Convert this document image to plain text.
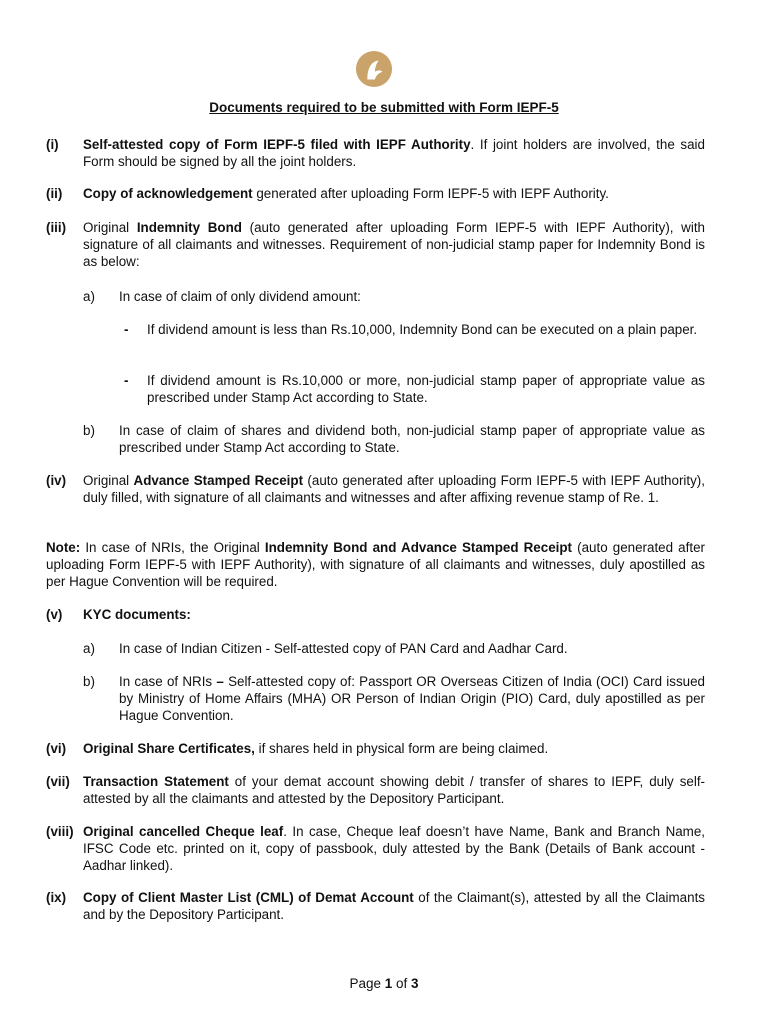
Documents required to be submitted with Form IEPF-5
(i) Self-attested copy of Form IEPF-5 filed with IEPF Authority. If joint holders are involved, the said Form should be signed by all the joint holders.
(ii) Copy of acknowledgement generated after uploading Form IEPF-5 with IEPF Authority.
(iii) Original Indemnity Bond (auto generated after uploading Form IEPF-5 with IEPF Authority), with signature of all claimants and witnesses. Requirement of non-judicial stamp paper for Indemnity Bond is as below:
a) In case of claim of only dividend amount:
- If dividend amount is less than Rs.10,000, Indemnity Bond can be executed on a plain paper.
- If dividend amount is Rs.10,000 or more, non-judicial stamp paper of appropriate value as prescribed under Stamp Act according to State.
b) In case of claim of shares and dividend both, non-judicial stamp paper of appropriate value as prescribed under Stamp Act according to State.
(iv) Original Advance Stamped Receipt (auto generated after uploading Form IEPF-5 with IEPF Authority), duly filled, with signature of all claimants and witnesses and after affixing revenue stamp of Re. 1.
Note: In case of NRIs, the Original Indemnity Bond and Advance Stamped Receipt (auto generated after uploading Form IEPF-5 with IEPF Authority), with signature of all claimants and witnesses, duly apostilled as per Hague Convention will be required.
(v) KYC documents:
a) In case of Indian Citizen - Self-attested copy of PAN Card and Aadhar Card.
b) In case of NRIs – Self-attested copy of: Passport OR Overseas Citizen of India (OCI) Card issued by Ministry of Home Affairs (MHA) OR Person of Indian Origin (PIO) Card, duly apostilled as per Hague Convention.
(vi) Original Share Certificates, if shares held in physical form are being claimed.
(vii) Transaction Statement of your demat account showing debit / transfer of shares to IEPF, duly self-attested by all the claimants and attested by the Depository Participant.
(viii) Original cancelled Cheque leaf. In case, Cheque leaf doesn’t have Name, Bank and Branch Name, IFSC Code etc. printed on it, copy of passbook, duly attested by the Bank (Details of Bank account - Aadhar linked).
(ix) Copy of Client Master List (CML) of Demat Account of the Claimant(s), attested by all the Claimants and by the Depository Participant.
Page 1 of 3
